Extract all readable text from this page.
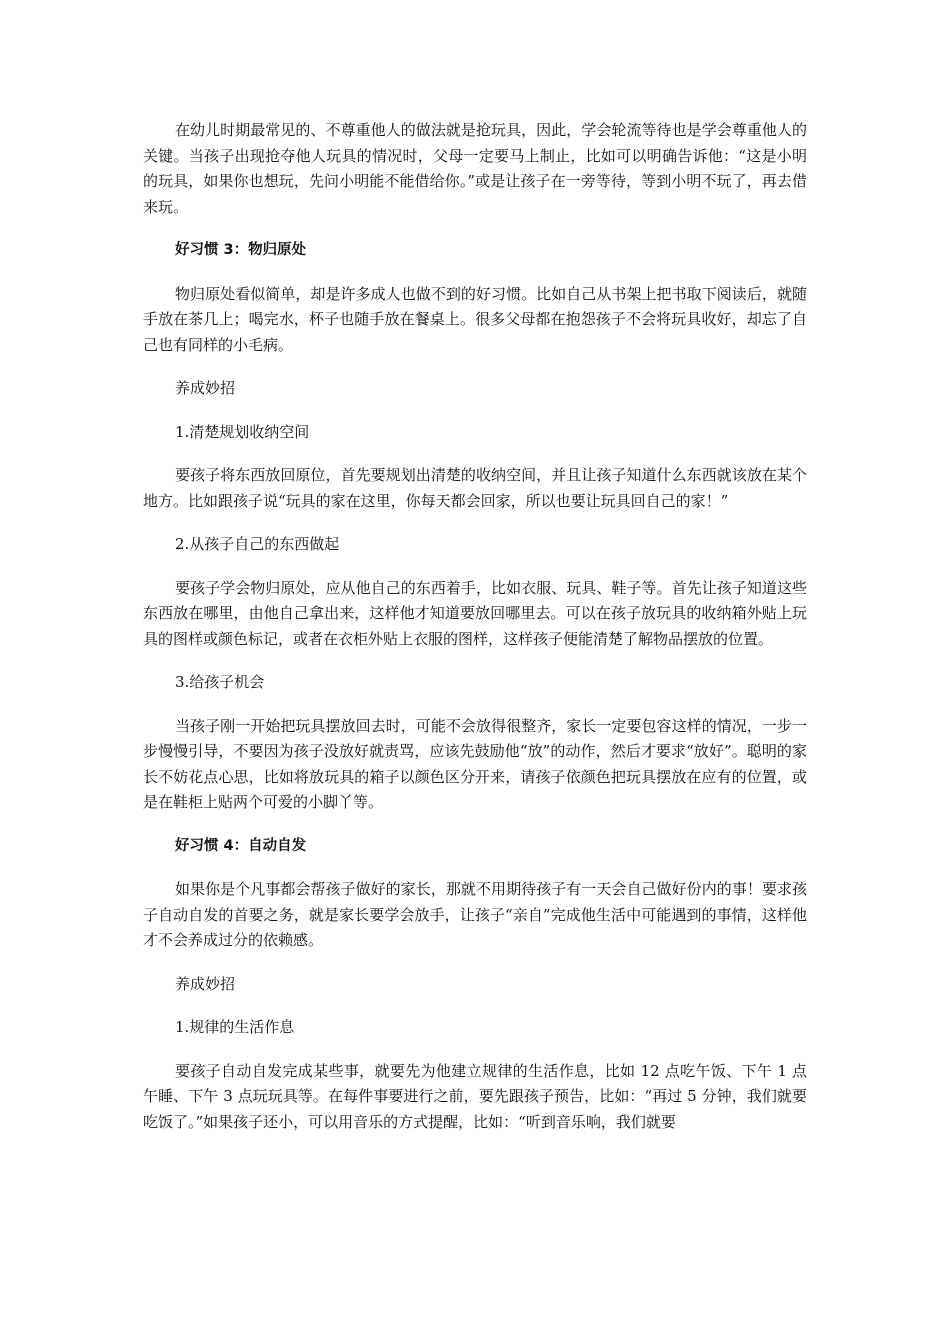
在幼儿时期最常见的、不尊重他人的做法就是抢玩具，因此，学会轮流等待也是学会尊重他人的关键。当孩子出现抢夺他人玩具的情况时，父母一定要马上制止，比如可以明确告诉他：“这是小明的玩具，如果你也想玩，先问小明能不能借给你。”或是让孩子在一旁等待，等到小明不玩了，再去借来玩。

好习惯 3：物归原处

物归原处看似简单，却是许多成人也做不到的好习惯。比如自己从书架上把书取下阅读后，就随手放在茶几上；喝完水，杯子也随手放在餐桌上。很多父母都在抱怨孩子不会将玩具收好，却忘了自己也有同样的小毛病。

养成妙招

1.清楚规划收纳空间

要孩子将东西放回原位，首先要规划出清楚的收纳空间，并且让孩子知道什么东西就该放在某个地方。比如跟孩子说“玩具的家在这里，你每天都会回家，所以也要让玩具回自己的家！”

2.从孩子自己的东西做起

要孩子学会物归原处，应从他自己的东西着手，比如衣服、玩具、鞋子等。首先让孩子知道这些东西放在哪里，由他自己拿出来，这样他才知道要放回哪里去。可以在孩子放玩具的收纳箱外贴上玩具的图样或颜色标记，或者在衣柜外贴上衣服的图样，这样孩子便能清楚了解物品摆放的位置。

3.给孩子机会

当孩子刚一开始把玩具摆放回去时，可能不会放得很整齐，家长一定要包容这样的情况，一步一步慢慢引导，不要因为孩子没放好就责骂，应该先鼓励他“放”的动作，然后才要求“放好”。聪明的家长不妨花点心思，比如将放玩具的箱子以颜色区分开来，请孩子依颜色把玩具摆放在应有的位置，或是在鞋柜上贴两个可爱的小脚丫等。

好习惯 4：自动自发

如果你是个凡事都会帮孩子做好的家长，那就不用期待孩子有一天会自己做好份内的事！要求孩子自动自发的首要之务，就是家长要学会放手，让孩子“亲自”完成他生活中可能遇到的事情，这样他才不会养成过分的依赖感。

养成妙招

1.规律的生活作息

要孩子自动自发完成某些事，就要先为他建立规律的生活作息，比如 12 点吃午饭、下午 1 点午睡、下午 3 点玩玩具等。在每件事要进行之前，要先跟孩子预告，比如：“再过 5 分钟，我们就要吃饭了。”如果孩子还小，可以用音乐的方式提醒，比如：“听到音乐响，我们就要
